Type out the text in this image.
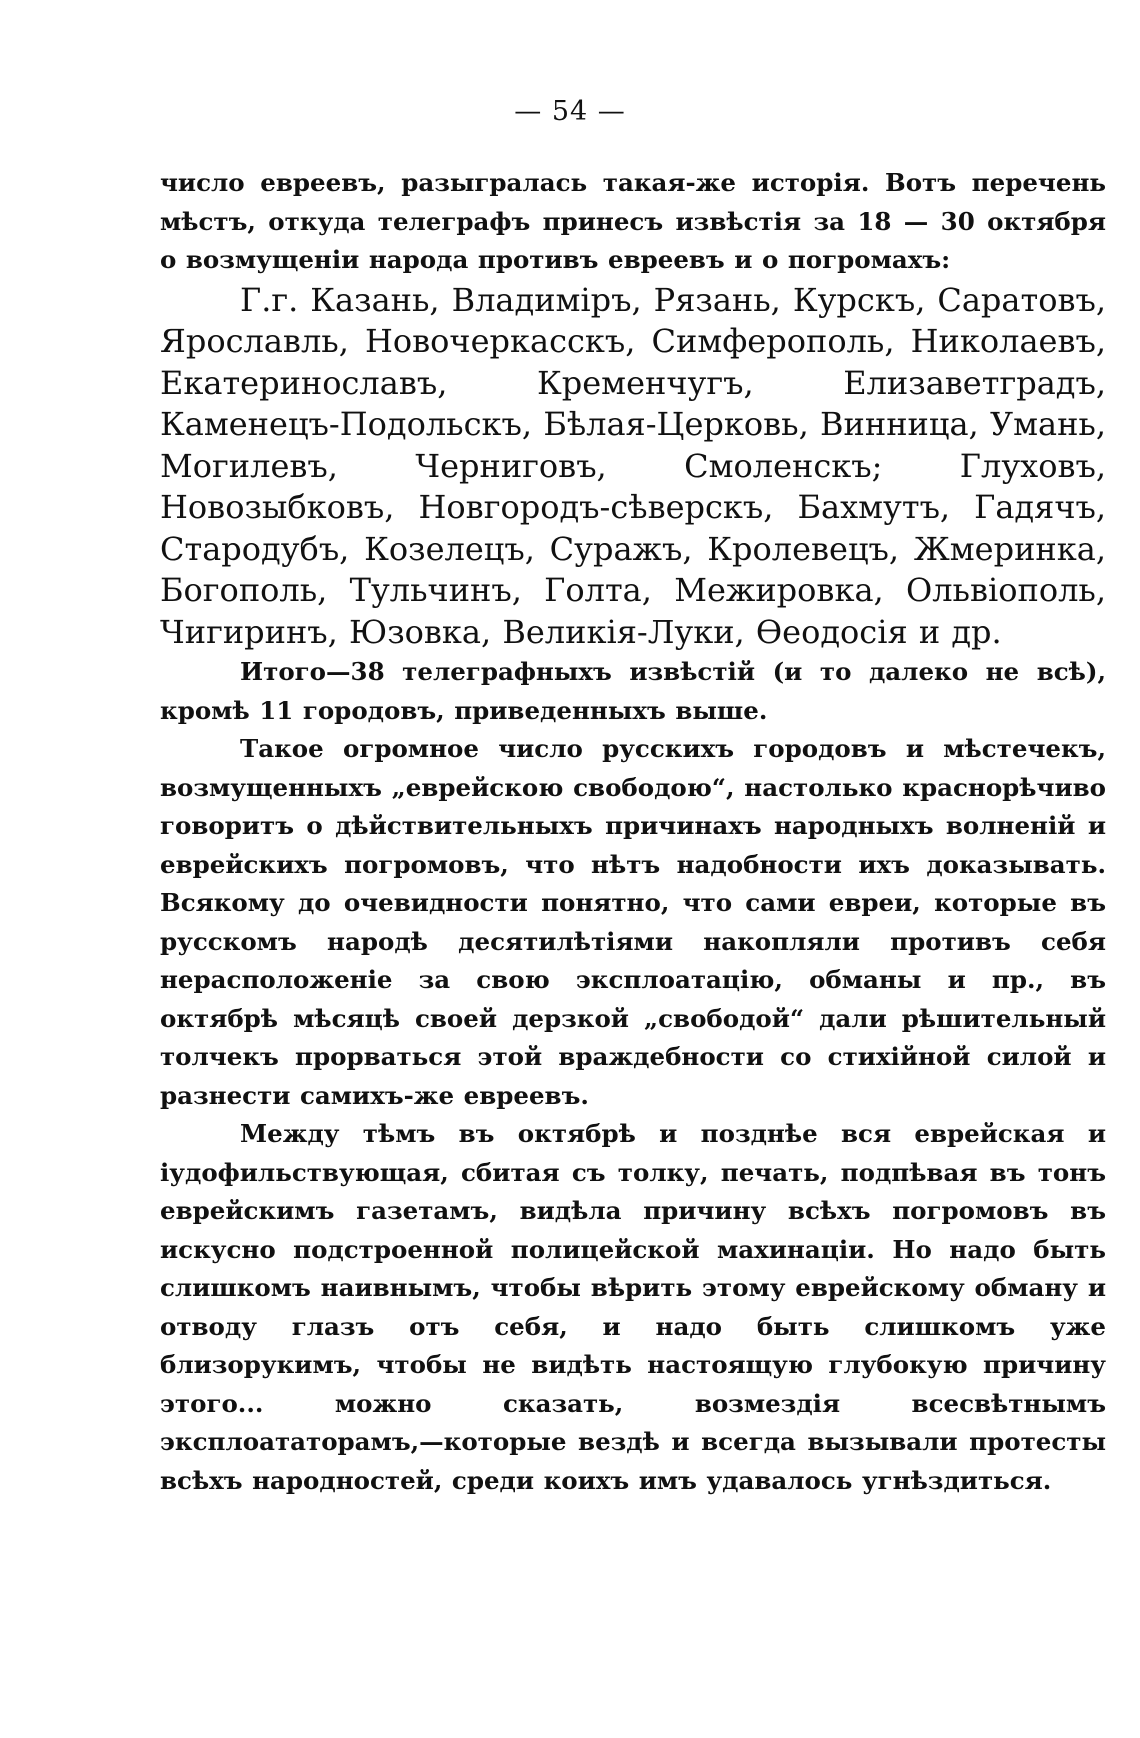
— 54 —

число евреевъ, разыгралась такая-же исторія. Вотъ перечень мѣстъ, откуда телеграфъ принесъ извѣстія за 18 — 30 октября о возмущеніи народа противъ евреевъ и о погромахъ:

Г.г. Казань, Владиміръ, Рязань, Курскъ, Саратовъ, Ярославль, Новочеркасскъ, Симферополь, Николаевъ, Екатеринославъ, Кременчугъ, Елизаветградъ, Каменецъ-Подольскъ, Бѣлая-Церковь, Винница, Умань, Могилевъ, Черниговъ, Смоленскъ; Глуховъ, Новозыбковъ, Новгородъ-сѣверскъ, Бахмутъ, Гадячъ, Стародубъ, Козелецъ, Суражъ, Кролевецъ, Жмеринка, Богополь, Тульчинъ, Голта, Межировка, Ольвіополь, Чигиринъ, Юзовка, Великія-Луки, Ѳеодосія и др.

Итого—38 телеграфныхъ извѣстій (и то далеко не всѣ), кромѣ 11 городовъ, приведенныхъ выше.

Такое огромное число русскихъ городовъ и мѣстечекъ, возмущенныхъ „еврейскою свободою“, настолько краснорѣчиво говоритъ о дѣйствительныхъ причинахъ народныхъ волненій и еврейскихъ погромовъ, что нѣтъ надобности ихъ доказывать. Всякому до очевидности понятно, что сами евреи, которые въ русскомъ народѣ десятилѣтіями накопляли противъ себя нерасположеніе за свою эксплоатацію, обманы и пр., въ октябрѣ мѣсяцѣ своей дерзкой „свободой“ дали рѣшительный толчекъ прорваться этой враждебности со стихійной силой и разнести самихъ-же евреевъ.

Между тѣмъ въ октябрѣ и позднѣе вся еврейская и іудофильствующая, сбитая съ толку, печать, подпѣвая въ тонъ еврейскимъ газетамъ, видѣла причину всѣхъ погромовъ въ искусно подстроенной полицейской махинаціи. Но надо быть слишкомъ наивнымъ, чтобы вѣрить этому еврейскому обману и отводу глазъ отъ себя, и надо быть слишкомъ уже близорукимъ, чтобы не видѣть настоящую глубокую причину этого... можно сказать, возмездія всесвѣтнымъ эксплоататорамъ,—которые вездѣ и всегда вызывали протесты всѣхъ народностей, среди коихъ имъ удавалось угнѣздиться.
